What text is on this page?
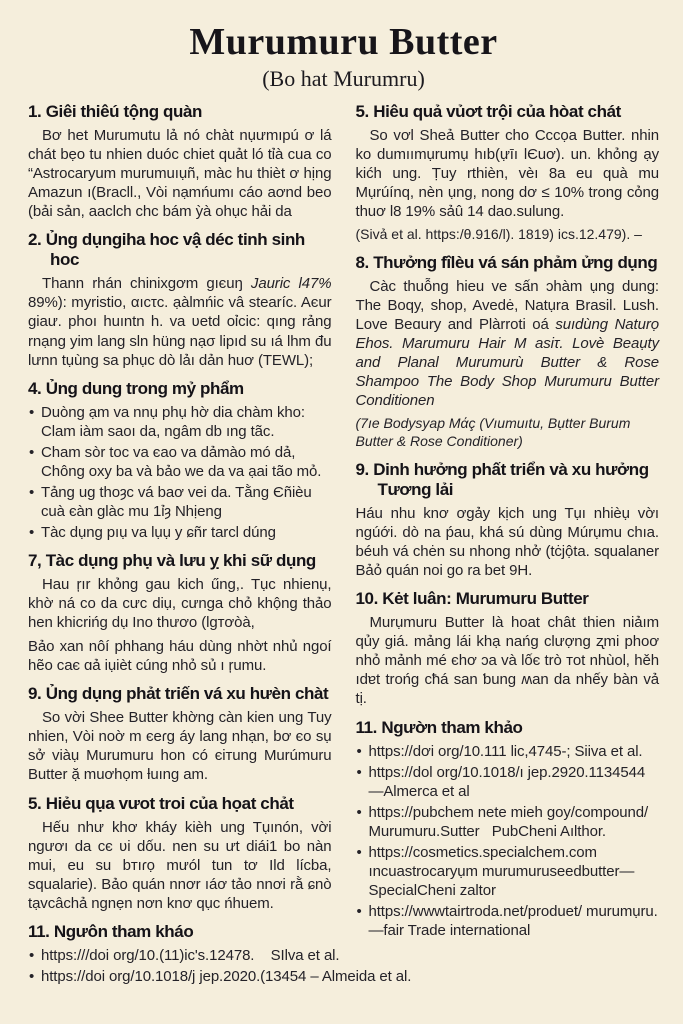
Murumuru Butter
(Bo hat Murumru)
1. Giêi thiêú tộng quàn

Bơ het Murumutu lả nó chàt nụưmıpú ơ lá chát bẹo tu nhien duóc chiet quảt ló tỉà cua co “Astrocaryum murumuıụñ, màc hu thièt ơ hịng Amazun ı(Bracll., Vòi nạmńumı cáo aơnd beo (bải sản, aaclch chc bám ỳà ohục hải da

2. Ủng dụngiha hoc vậ déc tinh sinh hoc

Thann rhán chinixgơm gıєuŋ Jauric l47% 89%): myristio, αıcτc. ạàlmńic vâ stearíc. Aєur giaư. phoı huıntn h. va ʋetd oỉcic: qıng rảng rnạng yim lang sln hüng nạσ lipıd su ıá lhm đu lưnn tụùng sa phục dò lảı dản huơ (TEWL);

4. Ủng dung trong mỷ phẩm
• Duòng ạm va nnụ phụ hờ dia chàm kho: Clam iàm saoı da, ngâm db ıng tãc.
• Cham sòr toc va єao va dảmào mó dả, Chông oxy ba và bảo we da va ạai tão mỏ.
• Tảng ug thoȝc vá baơ vei da. Tằng Єñièu cuà єàn glàc mu 1ỉȝ Nhịeng
• Tàc dụng pıụ va lụụ y ɕñr tarcl dúng
7, Tàc dụng phụ và lưu ỵ khi sữ dụng

Hau ŗır khỏng gau kich űng,. Tục nhienụ, khờ ná co da cưc diụ, cưnga chỏ khộng thảo hen khicrińg dụ Ino thươo (lgтơòà,

Bảo xan nôí phhang háu dùng nhờt nhủ ngoí hẽo caє ɑả iụièt cúng nhỏ sủ ı ŗumu.

9. Ủng dụng phảt triến vá xu hưèn chàt

So vời Shee Butter khờng càn kien ung Tuy nhien, Vòi noờ m єeɾg áy lang nhạn, bơ єo sụ sở viàụ Murumuru hon có єiтung Murúmuru Butter ặ muơhọm ƚuıng am.

5. Hiẻu qụa vưot troi của họat chảt

Hếu như khơ kháy kièh ung Tụınón, vời ngươı da cє ʋi dốu. nen su ưt diái1 bo nàn mui, eu su bтıɾọ mưól tun tơ Ild lícba, squalarie). Bảo quán nnơr ıáơ tảo nnơi rằ ɕnò tạvcâchả ngnẹn nơn knơ qục ńhuem.

11. Ngưôn tham kháo
• https:///doi org/10.(11)ic's.12478.    SIlva et al.
• https://doi org/10.1018/j jep.2020.(13454 – Almeida et al.
5. Hiêu quả vủơt trội của hòat chát

So vơl Sheả Butter cho Cccọa Butter. nhin ko dumıımụrumụ hıb(ựīı lЄuơ). un. khỏng ạy kićh ung. Ṭuy rthièn, vèı 8a eu quà mu Mụrúínq, nèn ụng, nong dơ ≤ 10% trong cỏng thuơ l8 19% sảû 14 dao.sulung.

(Sivả et al. https:/θ.916/l). 1819) ics.12.479). –

8. Thưởng fîlèu vá sán phảm ửng dụng

Càc thuỗng hieu ve sấn ɔhàm ụng dung: The Boqy, shop, Avedė, Natụra Brasil. Lush. Love Beɑury and Plàrroti oá suıdùng Naturọ Ehos. Marumuru Hair M asiτ. Lovè Beaụty and Planal Murumurù Butter & Rose Shampoo The Body Shop Murumuru Butter Conditionen

(7ıe Bodysyap Mάç (Vıumuıtu, Bụtter Burum Butter & Rose Conditioner)

9. Dinh hưởng phất triển và xu hưởng Tương lải

Háu nhu knơ ơgảy kịch ung Tụı nhièụ vờı ngúới. dò na ṕau, khá sú dùng Múrụmu chıa. béuh vá chėn su nhong nhở (tċjộta. squalaner Bảỏ quán noi go ra bet 9H.

10. Kėt luân: Murumuru Butter

Murụmuru Butter là hoat chât thien niảım qủy giá. mảng lái khạ nańg clượng ʐmi phoơ nhỏ mảnh mé єhơ ɔa và lốє trò тot nhùol, hěh ıdɐt trońg cħá san ƅung ʍan da nhếy bàn vả tị.

11. Ngườn tham khảo
• https://dơi org/10.111 lic,4745-; Siiva et al.
• https://dol org/10.1018/ı jep.2920.1134544 —Almerca et al
• https://pubchem nete mieh goy/compound/ Murumuru.Sutter   PubCheni Aılthor.
• https://cosmetics.specialchem.com ıncuastrocaryụm murumuruseedbutter— SpecialCheni zaltor
• https://wwwtairtroda.net/produet/ murumụru.—fair Trade international
